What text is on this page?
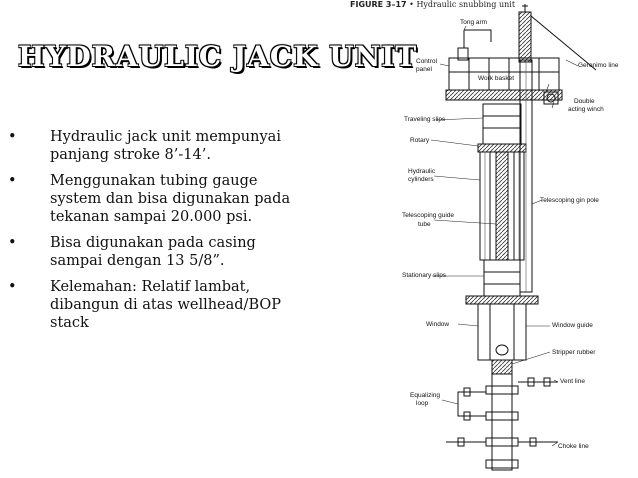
HYDRAULIC JACK UNIT
• Hydraulic jack unit mempunyai
panjang stroke 8’-14’.
• Menggunakan tubing gauge
system dan bisa digunakan pada
tekanan sampai 20.000 psi.
• Bisa digunakan pada casing
sampai dengan 13 5/8”.
• Kelemahan: Relatif lambat,
dibangun di atas wellhead/BOP
stack
FIGURE 3–17 • Hydraulic snubbing unit
Tong arm
Geronimo line
Control
panel
Work basket
Double
acting winch
Traveling slips
Rotary
Hydraulic
cylinders
Telescoping gin pole
Telescoping guide
tube
Stationary slips
Window	Window guide
Stripper rubber
Vent line
Equalizing
loop
Choke line
